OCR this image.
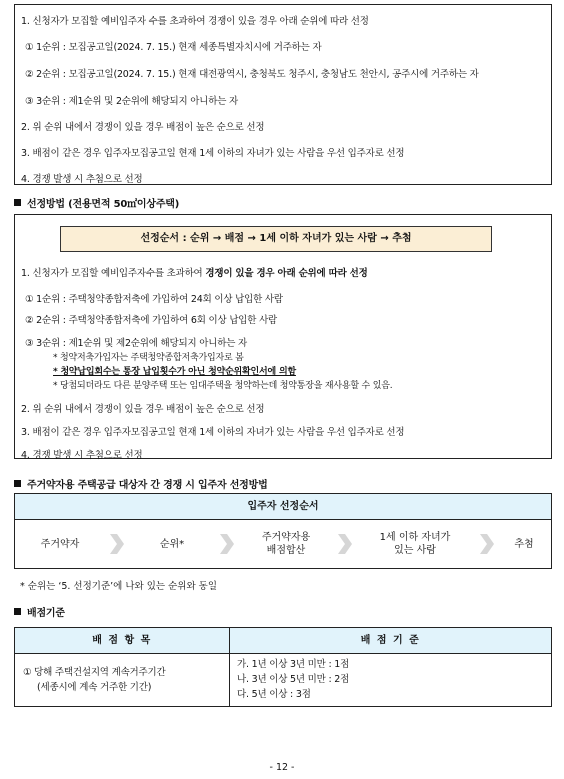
1. 신청자가 모집할 예비입주자 수를 초과하여 경쟁이 있을 경우 아래 순위에 따라 선정
① 1순위 : 모집공고일(2024. 7. 15.) 현재 세종특별자치시에 거주하는 자
② 2순위 : 모집공고일(2024. 7. 15.) 현재 대전광역시, 충청북도 청주시, 충청남도 천안시, 공주시에 거주하는 자
③ 3순위 : 제1순위 및 2순위에 해당되지 아니하는 자
2. 위 순위 내에서 경쟁이 있을 경우 배점이 높은 순으로 선정
3. 배점이 같은 경우 입주자모집공고일 현재 1세 이하의 자녀가 있는 사람을 우선 입주자로 선정
4. 경쟁 발생 시 추첨으로 선정
선정방법 (전용면적 50㎡이상주택)
1. 신청자가 모집할 예비입주자수를 초과하여 경쟁이 있을 경우 아래 순위에 따라 선정
① 1순위 : 주택청약종합저축에 가입하여 24회 이상 납입한 사람
② 2순위 : 주택청약종합저축에 가입하여 6회 이상 납입한 사람
③ 3순위 : 제1순위 및 제2순위에 해당되지 아니하는 자
* 청약저축가입자는 주택청약종합저축가입자로 봄
* 청약납입회수는 통장 납입횟수가 아닌 청약순위확인서에 의함
* 당첨되더라도 다른 분양주택 또는 임대주택을 청약하는데 청약통장을 재사용할 수 있음.
2. 위 순위 내에서 경쟁이 있을 경우 배점이 높은 순으로 선정
3. 배점이 같은 경우 입주자모집공고일 현재 1세 이하의 자녀가 있는 사람을 우선 입주자로 선정
4. 경쟁 발생 시 추첨으로 선정
선정순서 : 순위 → 배점 → 1세 이하 자녀가 있는 사람 → 추첨
주거약자용 주택공급 대상자 간 경쟁 시 입주자 선정방법
입주자 선정순서
주거약자	순위*
주거약자용
배점합산
1세 이하 자녀가
있는 사람
추첨
* 순위는 ‘5. 선정기준’에 나와 있는 순위와 동일
배점기준
배 점 항 목	배 점 기 준
① 당해 주택건설지역 계속거주기간
(세종시에 계속 거주한 기간)
가. 1년 이상 3년 미만 : 1점
나. 3년 이상 5년 미만 : 2점
다. 5년 이상 : 3점
- 12 -
